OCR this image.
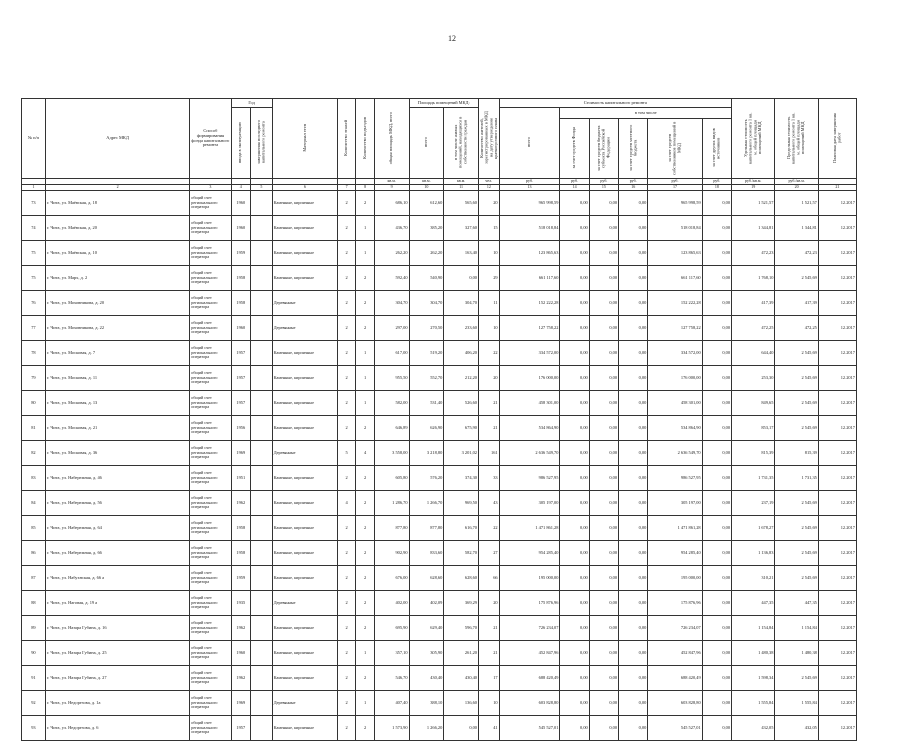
12
№ п/п	Адрес МКД	Способ формирования фонда капитального ремонта	Год		Материал стен	Количество этажей	Количество подъездов	общая площадь МКД, всего	Площадь помещений МКД:		Количество жителей, зарегистрированных в МКД на дату утверждения краткосрочного плана	Стоимость капитального ремонта						Удельная стоимость капитального ремонта 1 кв. м. общей площади помещений МКД	Предельная стоимость капитального ремонта 1 кв. м. общей площади помещений МКД	Плановая дата завершения работ
			ввода в эксплуатацию	завершения последнего капитального ремонта					всего	в том числе жилых помещений, находящихся в собственности граждан		всего	в том числе							
													за счет средств Фонда	за счет средств бюджета субъекта Российской Федерации	за счет средств местного бюджета	за счет средств собственников помещений в МКД	за счет других видов источников			
								кв.м.	кв.м.	кв.м.	чел.	руб.	руб.	руб.	руб.	руб.	руб.	руб./кв.м.	руб./кв.м.	
1	2	3	4	5	6	7	8	9	10	11	12	13	14	15	16	17	18	19	20	21
73	г. Чита, ул. Маёвская, д. 18	общий счет регионального оператора	1960		Каменные, кирпичные	2	2	686,10	612,60	565,60	20	965 998,59	0,00	0,00	0,00	965 998,59	0,00	1 521,57	1 521,57	12.2017
74	г. Чита, ул. Маёвская, д. 20	общий счет регионального оператора	1960		Каменные, кирпичные	2	1	436,70	385,20	327,60	15	518 018,84	0,00	0,00	0,00	518 018,84	0,00	1 344,81	1 344,81	12.2017
75	г. Чита, ул. Маёвская, д. 10	общий счет регионального оператора	1959		Каменные, кирпичные	2	1	262,20	262,20	163,40	10	123 865,63	0,00	0,00	0,00	123 865,63	0,00	472,23	472,23	12.2017
75	г. Чита, ул. Марх, д. 2	общий счет регионального оператора	1958		Каменные, кирпичные	2	2	592,40	540,90	0,00	29	661 117,60	0,00	0,00	0,00	661 117,60	0,00	1 768,10	2 545,69	12.2017
76	г. Чита, ул. Моховникова, д. 20	общий счет регионального оператора	1958		Деревянные	2	2	304,70	304,70	304,70	11	152 222,28	0,00	0,00	0,00	152 222,28	0,00	417,39	417,39	12.2017
77	г. Чита, ул. Моховникова, д. 22	общий счет регионального оператора	1960		Деревянные	2	2	297,00	270,50	233,60	10	127 758,22	0,00	0,00	0,00	127 758,22	0,00	472,25	472,25	12.2017
78	г. Чита, ул. Московая, д. 7	общий счет регионального оператора	1957		Каменные, кирпичные	2	1	617,00	519,20	406,20	22	334 572,00	0,00	0,00	0,00	334 572,00	0,00	644,40	2 545,69	12.2017
79	г. Чита, ул. Московая, д. 11	общий счет регионального оператора	1957		Каменные, кирпичные	2	1	955,50	552,70	212,20	20	176 000,00	0,00	0,00	0,00	176 000,00	0,00	253,30	2 545,69	12.2017
80	г. Чита, ул. Московая, д. 13	общий счет регионального оператора	1957		Каменные, кирпичные	2	1	582,00	531,40	526,60	21	458 301,00	0,00	0,00	0,00	458 301,00	0,00	849,65	2 545,69	12.2017
81	г. Чита, ул. Московая, д. 21	общий счет регионального оператора	1956		Каменные, кирпичные	2	2	646,89	626,90	675,90	21	534 864,90	0,00	0,00	0,00	534 864,90	0,00	853,17	2 545,69	12.2017
82	г. Чита, ул. Московая, д. 36	общий счет регионального оператора	1969		Деревянные	5	4	3 558,00	3 218,80	3 201,02	161	2 636 549,70	0,00	0,00	0,00	2 636 549,70	0,00	815,39	815,39	12.2017
83	г. Чита, ул. Набережная, д. 46	общий счет регионального оператора	1951		Каменные, кирпичные	2	2	605,80	576,20	374,30	33	986 527,95	0,00	0,00	0,00	986 527,95	0,00	1 731,35	1 731,35	12.2017
84	г. Чита, ул. Набережная, д. 56	общий счет регионального оператора	1962		Каменные, кирпичные	4	2	1 286,70	1 266,70	969,50	43	305 197,00	0,00	0,00	0,00	305 197,00	0,00	237,19	2 545,69	12.2017
85	г. Чита, ул. Набережная, д. 64	общий счет регионального оператора	1958		Каменные, кирпичные	2	2	877,80	877,80	616,70	22	1 471 861,28	0,00	0,00	0,00	1 471 861,28	0,00	1 678,27	2 545,69	12.2017
86	г. Чита, ул. Набережная, д. 66	общий счет регионального оператора	1958		Каменные, кирпичные	2	2	902,90	833,60	582,70	27	954 285,40	0,00	0,00	0,00	954 285,40	0,00	1 136,83	2 545,69	12.2017
87	г. Чита, ул. Набухнская, д. 66 а	общий счет регионального оператора	1959		Каменные, кирпичные	2	2	676,00	628,60	628,60	66	195 000,00	0,00	0,00	0,00	195 000,00	0,00	310,21	2 545,69	12.2017
88	г. Чита, ул. Наговая, д. 19 а	общий счет регионального оператора	1935		Деревянные	2	2	402,00	402,09	369,29	20	175 876,96	0,00	0,00	0,00	175 876,96	0,00	447,35	447,35	12.2017
89	г. Чита, ул. Назара Губина, д. 16	общий счет регионального оператора	1962		Каменные, кирпичные	2	2	695,90	629,40	596,70	21	726 234,07	0,00	0,00	0,00	726 234,07	0,00	1 154,84	1 154,84	12.2017
90	г. Чита, ул. Назара Губина, д. 25	общий счет регионального оператора	1960		Каменные, кирпичные	2	1	357,10	305,90	261,20	21	452 847,96	0,00	0,00	0,00	452 847,96	0,00	1 480,38	1 480,38	12.2017
91	г. Чита, ул. Назара Губина, д. 27	общий счет регионального оператора	1962		Каменные, кирпичные	2	2	546,70	430,40	430,40	17	688 420,49	0,00	0,00	0,00	688 420,49	0,00	1 598,34	2 545,69	12.2017
92	г. Чита, ул. Недорезова, д. 1а	общий счет регионального оператора	1969		Деревянные	2	1	407,40	388,10	136,60	10	603 828,80	0,00	0,00	0,00	603 828,80	0,00	1 555,84	1 555,84	12.2017
93	г. Чита, ул. Недорезова, д. 6	общий счет регионального оператора	1957		Каменные, кирпичные	2	2	1 573,90	1 266,20	0,00	41	545 527,01	0,00	0,00	0,00	545 527,01	0,00	432,05	432,05	12.2017
